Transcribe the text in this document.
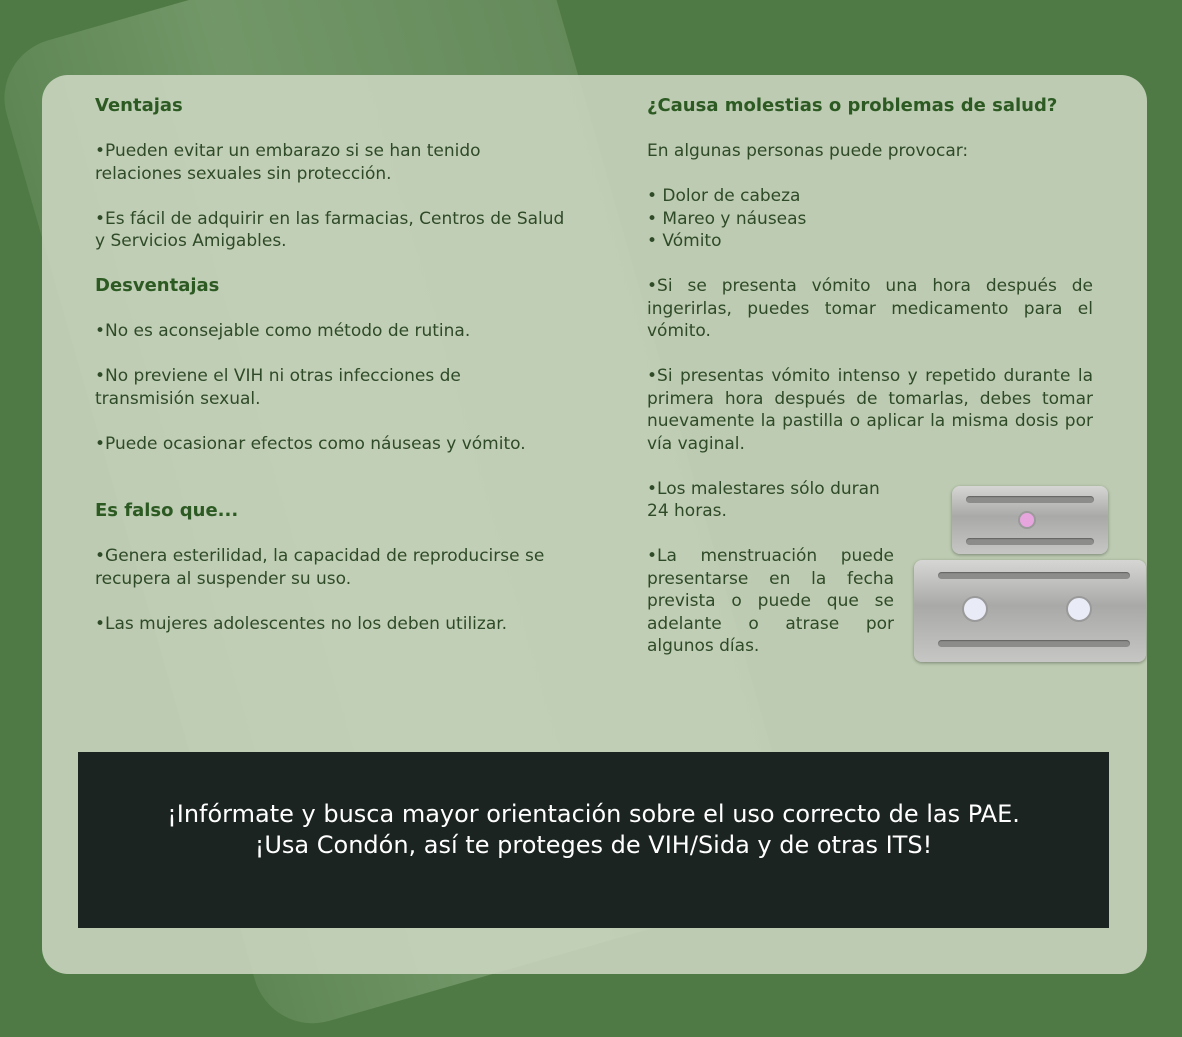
Ventajas

•Pueden evitar un embarazo si se han tenido relaciones sexuales sin protección.

•Es fácil de adquirir en las farmacias, Centros de Salud y Servicios Amigables.

Desventajas

•No es aconsejable como método de rutina.

•No previene el VIH ni otras infecciones de transmisión sexual.

•Puede ocasionar efectos como náuseas y vómito.

Es falso que...

•Genera esterilidad, la capacidad de reproducirse se recupera al suspender su uso.

•Las mujeres adolescentes no los deben utilizar.

¿Causa molestias o problemas de salud?

En algunas personas puede provocar:

• Dolor de cabeza

• Mareo y náuseas

• Vómito

•Si se presenta vómito una hora después de ingerirlas, puedes tomar medicamento para el vómito.

•Si presentas vómito intenso y repetido durante la primera hora después de tomarlas, debes tomar nuevamente la pastilla o aplicar la misma dosis por vía vaginal.

•Los malestares sólo duran 24 horas.

•La menstruación puede presentarse en la fecha prevista o puede que se adelante o atrase por algunos días.

¡Infórmate y busca mayor orientación sobre el uso correcto de las PAE.

¡Usa Condón, así te proteges de VIH/Sida y de otras ITS!
